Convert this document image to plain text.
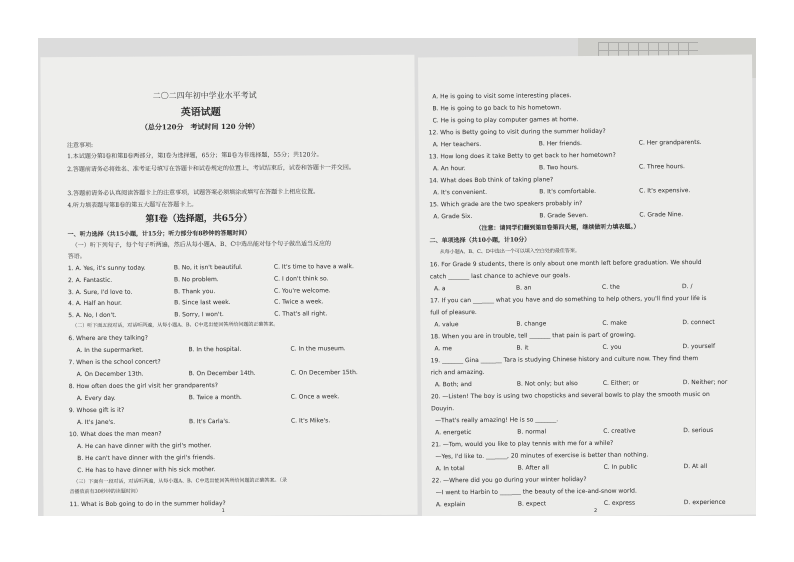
二〇二四年初中学业水平考试
英语试题
（总分120分　考试时间 120 分钟）
注意事项:
1.本试题分第Ⅰ卷和第Ⅱ卷两部分，第Ⅰ卷为选择题，65分；第Ⅱ卷为非选择题，55分；共120分。
2.答题前请务必将姓名、准考证号填写在答题卡和试卷规定的位置上，考试结束后，试卷和答题卡一并交回。
3.答题前请务必认真阅读答题卡上的注意事项，试题答案必须填涂或填写在答题卡上相应位置。
4.听力填表题与第Ⅱ卷的第五大题写在答题卡上。
第Ⅰ卷（选择题，共65分）
一、听力选择（共15小题，计15分；听力部分有8秒钟的答题时间）
（一）听下列句子，每个句子听两遍，然后从每小题A、B、C中选出能对每个句子做出适当反应的
答语。
1. A. Yes, it's sunny today.	B. No, it isn't beautiful.	C. It's time to have a walk.
2. A. Fantastic.	B. No problem.	C. I don't think so.
3. A. Sure, I'd love to.	B. Thank you.	C. You're welcome.
4. A. Half an hour.	B. Since last week.	C. Twice a week.
5. A. No, I don't.	B. Sorry, I won't.	C. That's all right.
（二）听下面五段对话，对话听两遍，从每小题A、B、C中选出能回答所给问题的正确答案。
6. Where are they talking?
A. In the supermarket.	B. In the hospital.	C. In the museum.
7. When is the school concert?
A. On December 13th.	B. On December 14th.	C. On December 15th.
8. How often does the girl visit her grandparents?
A. Every day.	B. Twice a month.	C. Once a week.
9. Whose gift is it?
A. It's Jane's.	B. It's Carla's.	C. It's Mike's.
10. What does the man mean?
A. He can have dinner with the girl's mother.
B. He can't have dinner with the girl's friends.
C. He has to have dinner with his sick mother.
（三）下面有一段对话，对话听两遍，从每小题A、B、C中选出能回答所给问题的正确答案。（录
音播放前有30秒钟的读题时间）
11. What is Bob going to do in the summer holiday?
1
A. He is going to visit some interesting places.
B. He is going to go back to his hometown.
C. He is going to play computer games at home.
12. Who is Betty going to visit during the summer holiday?
A. Her teachers.	B. Her friends.	C. Her grandparents.
13. How long does it take Betty to get back to her hometown?
A. An hour.	B. Two hours.	C. Three hours.
14. What does Bob think of taking plane?
A. It's convenient.	B. It's comfortable.	C. It's expensive.
15. Which grade are the two speakers probably in?
A. Grade Six.	B. Grade Seven.	C. Grade Nine.
（注意：请同学们翻到第Ⅱ卷第四大题，继续做听力填表题。）
二、单项选择（共10小题，计10分）
从每小题A、B、C、D中选出一个可以填入空白处的最佳答案。
16. For Grade 9 students, there is only about one month left before graduation. We should
catch _______ last chance to achieve our goals.
A. a	B. an	C. the	D. /
17. If you can _______ what you have and do something to help others, you'll find your life is
full of pleasure.
A. value	B. change	C. make	D. connect
18. When you are in trouble, tell _______ that pain is part of growing.
A. me	B. it	C. you	D. yourself
19. _______ Gina _______ Tara is studying Chinese history and culture now. They find them
rich and amazing.
A. Both; and	B. Not only; but also	C. Either; or	D. Neither; nor
20. —Listen! The boy is using two chopsticks and several bowls to play the smooth music on
Douyin.
—That's really amazing! He is so _______.
A. energetic	B. normal	C. creative	D. serious
21. —Tom, would you like to play tennis with me for a while?
—Yes, I'd like to. _______, 20 minutes of exercise is better than nothing.
A. In total	B. After all	C. In public	D. At all
22. —Where did you go during your winter holiday?
—I went to Harbin to _______ the beauty of the ice-and-snow world.
A. explain	B. expect	C. express	D. experience
2
